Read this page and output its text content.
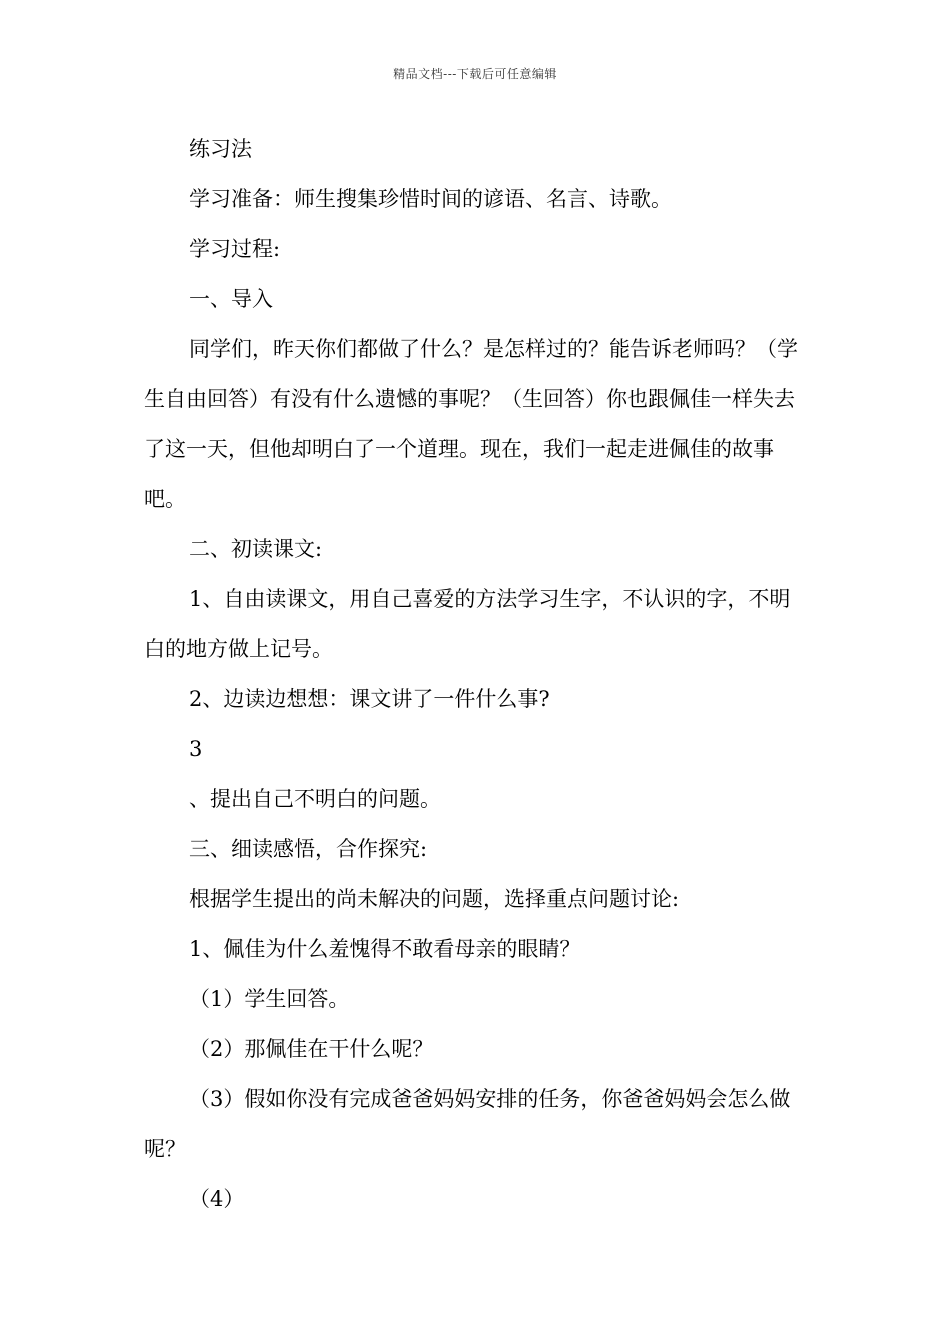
精品文档---下载后可任意编辑

练习法

学习准备：师生搜集珍惜时间的谚语、名言、诗歌。

学习过程:

一、导入

同学们，昨天你们都做了什么？是怎样过的？能告诉老师吗？（学生自由回答）有没有什么遗憾的事呢？（生回答）你也跟佩佳一样失去了这一天，但他却明白了一个道理。现在，我们一起走进佩佳的故事吧。

二、初读课文:

1、自由读课文，用自己喜爱的方法学习生字，不认识的字，不明白的地方做上记号。

2、边读边想想：课文讲了一件什么事?

3

、提出自己不明白的问题。

三、细读感悟，合作探究:

根据学生提出的尚未解决的问题，选择重点问题讨论:

1、佩佳为什么羞愧得不敢看母亲的眼睛？

（1）学生回答。

（2）那佩佳在干什么呢？

（3）假如你没有完成爸爸妈妈安排的任务，你爸爸妈妈会怎么做呢？

（4）
